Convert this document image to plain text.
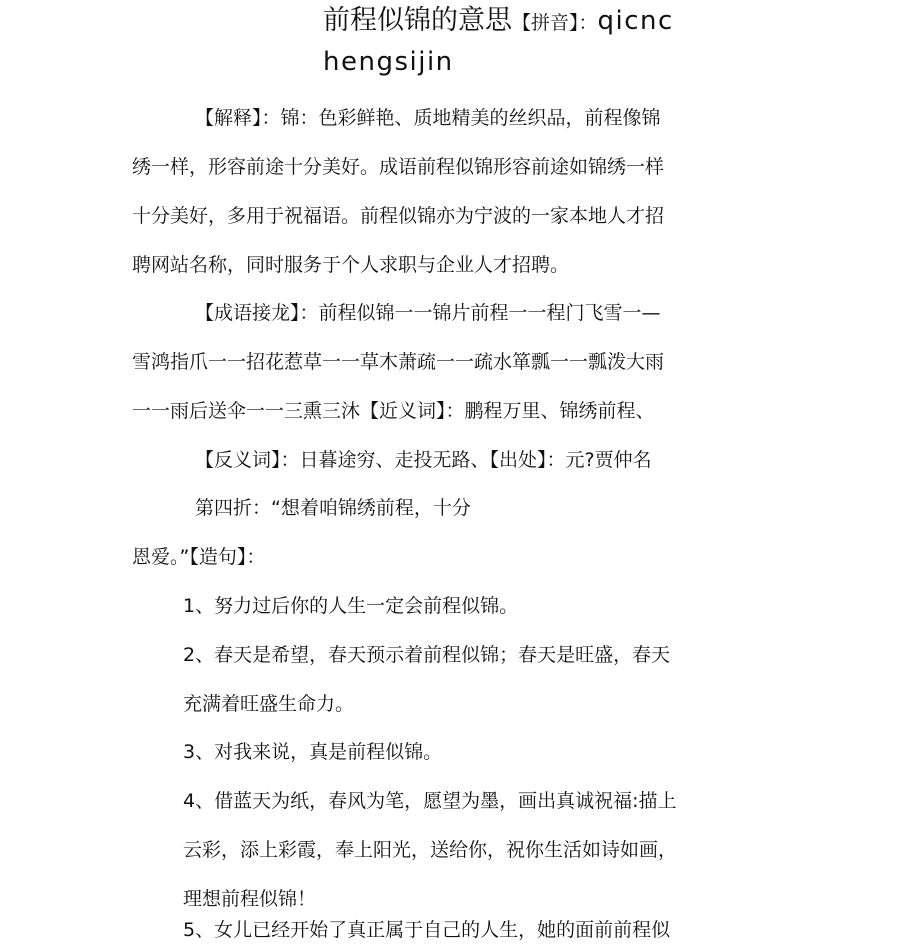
前程似锦的意思【拼音】：qicnc
hengsijin
【解释】：锦：色彩鲜艳、质地精美的丝织品，前程像锦
绣一样，形容前途十分美好。成语前程似锦形容前途如锦绣一样
十分美好，多用于祝福语。前程似锦亦为宁波的一家本地人才招
聘网站名称，同时服务于个人求职与企业人才招聘。
【成语接龙】：前程似锦一一锦片前程一一程门飞雪一—
雪鸿指爪一一招花惹草一一草木萧疏一一疏水箪瓢一一瓢泼大雨
一一雨后送伞一一三熏三沐【近义词】：鹏程万里、锦绣前程、
【反义词】：日暮途穷、走投无路、【出处】：元?贾仲名
第四折：“想着咱锦绣前程，十分
恩爱。”【造句】：
1、努力过后你的人生一定会前程似锦。
2、春天是希望，春天预示着前程似锦；春天是旺盛，春天
充满着旺盛生命力。
3、对我来说，真是前程似锦。
4、借蓝天为纸，春风为笔，愿望为墨，画出真诚祝福:描上
云彩，添上彩霞，奉上阳光，送给你，祝你生活如诗如画，
理想前程似锦！
5、女儿已经开始了真正属于自己的人生，她的面前前程似
